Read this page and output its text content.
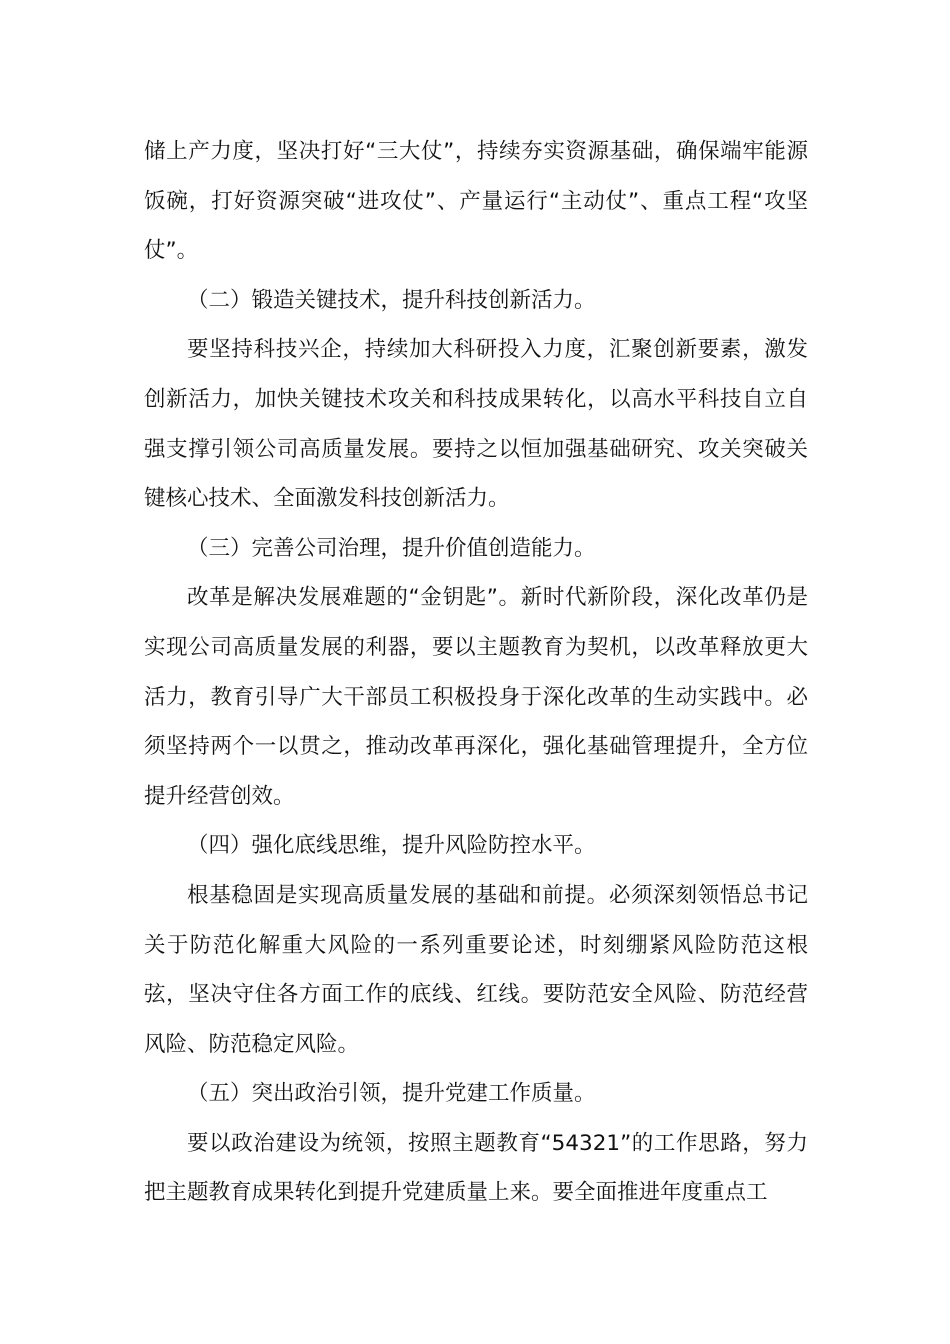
储上产力度，坚决打好“三大仗”，持续夯实资源基础，确保端牢能源饭碗，打好资源突破“进攻仗”、产量运行“主动仗”、重点工程“攻坚仗”。

（二）锻造关键技术，提升科技创新活力。

要坚持科技兴企，持续加大科研投入力度，汇聚创新要素，激发创新活力，加快关键技术攻关和科技成果转化，以高水平科技自立自强支撑引领公司高质量发展。要持之以恒加强基础研究、攻关突破关键核心技术、全面激发科技创新活力。

（三）完善公司治理，提升价值创造能力。

改革是解决发展难题的“金钥匙”。新时代新阶段，深化改革仍是实现公司高质量发展的利器，要以主题教育为契机，以改革释放更大活力，教育引导广大干部员工积极投身于深化改革的生动实践中。必须坚持两个一以贯之，推动改革再深化，强化基础管理提升，全方位提升经营创效。

（四）强化底线思维，提升风险防控水平。

根基稳固是实现高质量发展的基础和前提。必须深刻领悟总书记关于防范化解重大风险的一系列重要论述，时刻绷紧风险防范这根弦，坚决守住各方面工作的底线、红线。要防范安全风险、防范经营风险、防范稳定风险。

（五）突出政治引领，提升党建工作质量。

要以政治建设为统领，按照主题教育“54321”的工作思路，努力把主题教育成果转化到提升党建质量上来。要全面推进年度重点工
